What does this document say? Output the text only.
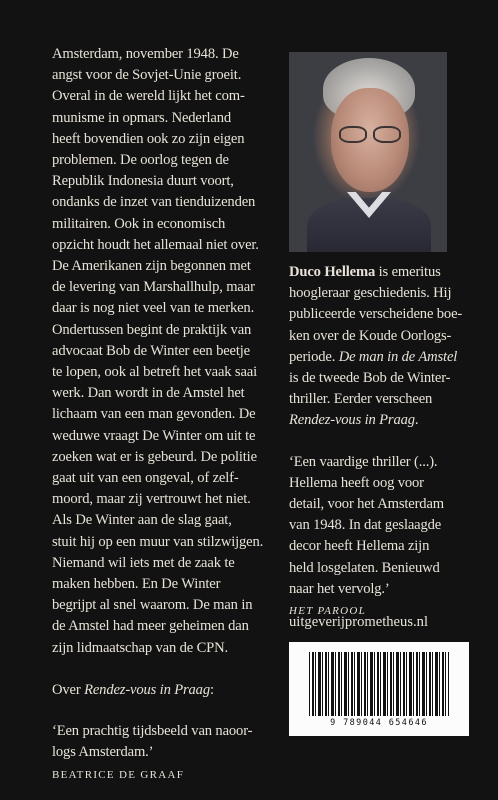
Amsterdam, november 1948. De

angst voor de Sovjet-Unie groeit.

Overal in de wereld lijkt het com-

munisme in opmars. Nederland

heeft bovendien ook zo zijn eigen

problemen. De oorlog tegen de

Republik Indonesia duurt voort,

ondanks de inzet van tienduizenden

militairen. Ook in economisch

opzicht houdt het allemaal niet over.

De Amerikanen zijn begonnen met

de levering van Marshallhulp, maar

daar is nog niet veel van te merken.

Ondertussen begint de praktijk van

advocaat Bob de Winter een beetje

te lopen, ook al betreft het vaak saai

werk. Dan wordt in de Amstel het

lichaam van een man gevonden. De

weduwe vraagt De Winter om uit te

zoeken wat er is gebeurd. De politie

gaat uit van een ongeval, of zelf-

moord, maar zij vertrouwt het niet.

Als De Winter aan de slag gaat,

stuit hij op een muur van stilzwijgen.

Niemand wil iets met de zaak te

maken hebben. En De Winter

begrijpt al snel waarom. De man in

de Amstel had meer geheimen dan

zijn lidmaatschap van de CPN.

Over Rendez-vous in Praag:

‘Een prachtig tijdsbeeld van naoor-

logs Amsterdam.’

BEATRICE DE GRAAF

Duco Hellema is emeritus

hoogleraar geschiedenis. Hij

publiceerde verscheidene boe-

ken over de Koude Oorlogs-

periode. De man in de Amstel

is de tweede Bob de Winter-

thriller. Eerder verscheen

Rendez-vous in Praag.

‘Een vaardige thriller (...).

Hellema heeft oog voor

detail, voor het Amsterdam

van 1948. In dat geslaagde

decor heeft Hellema zijn

held losgelaten. Benieuwd

naar het vervolg.’

HET PAROOL

uitgeverijprometheus.nl
9 789044 654646
